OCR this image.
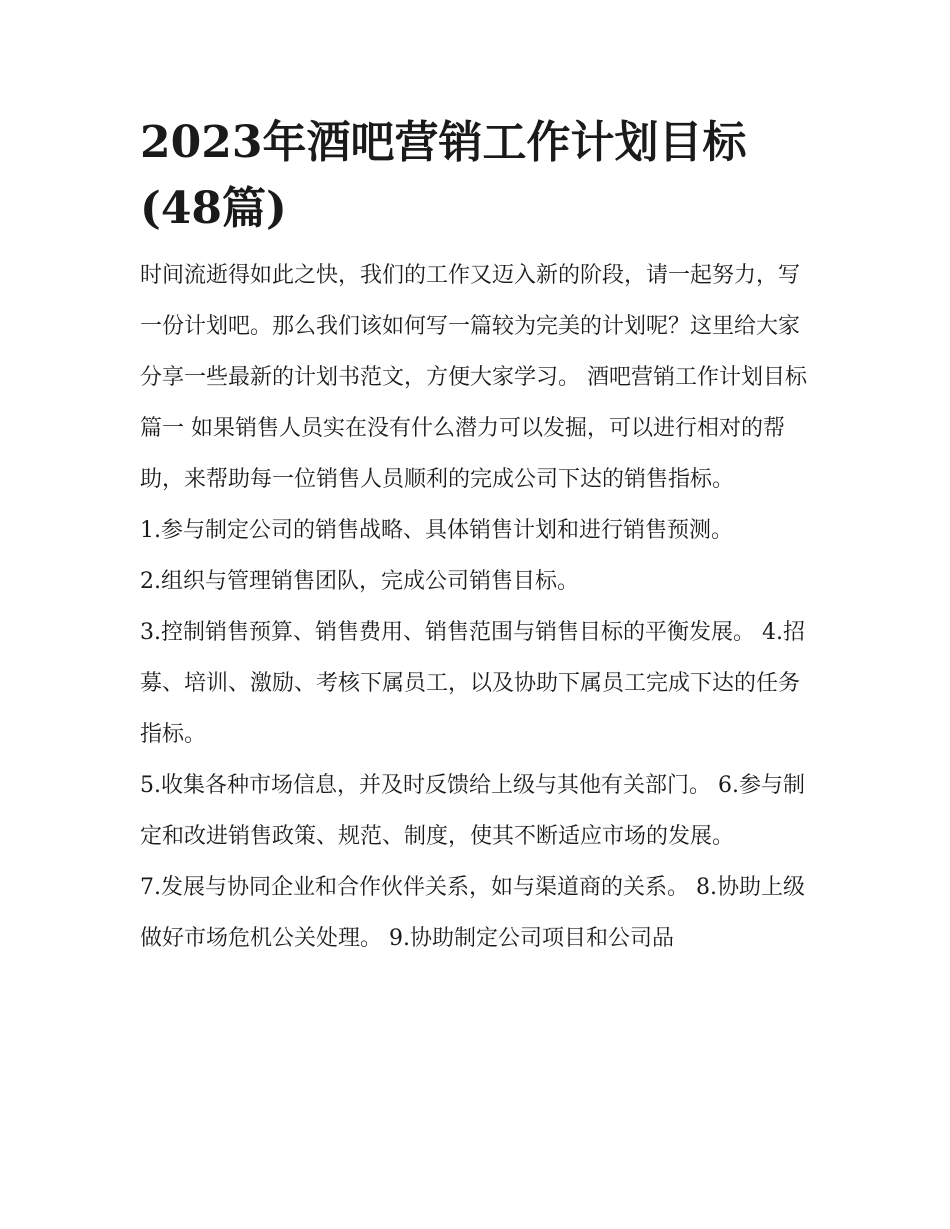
2023年酒吧营销工作计划目标(48篇)

时间流逝得如此之快，我们的工作又迈入新的阶段，请一起努力，写一份计划吧。那么我们该如何写一篇较为完美的计划呢？这里给大家分享一些最新的计划书范文，方便大家学习。 酒吧营销工作计划目标篇一 如果销售人员实在没有什么潜力可以发掘，可以进行相对的帮助，来帮助每一位销售人员顺利的完成公司下达的销售指标。

1.参与制定公司的销售战略、具体销售计划和进行销售预测。

2.组织与管理销售团队，完成公司销售目标。

3.控制销售预算、销售费用、销售范围与销售目标的平衡发展。 4.招募、培训、激励、考核下属员工，以及协助下属员工完成下达的任务指标。

5.收集各种市场信息，并及时反馈给上级与其他有关部门。 6.参与制定和改进销售政策、规范、制度，使其不断适应市场的发展。

7.发展与协同企业和合作伙伴关系，如与渠道商的关系。 8.协助上级做好市场危机公关处理。 9.协助制定公司项目和公司品
